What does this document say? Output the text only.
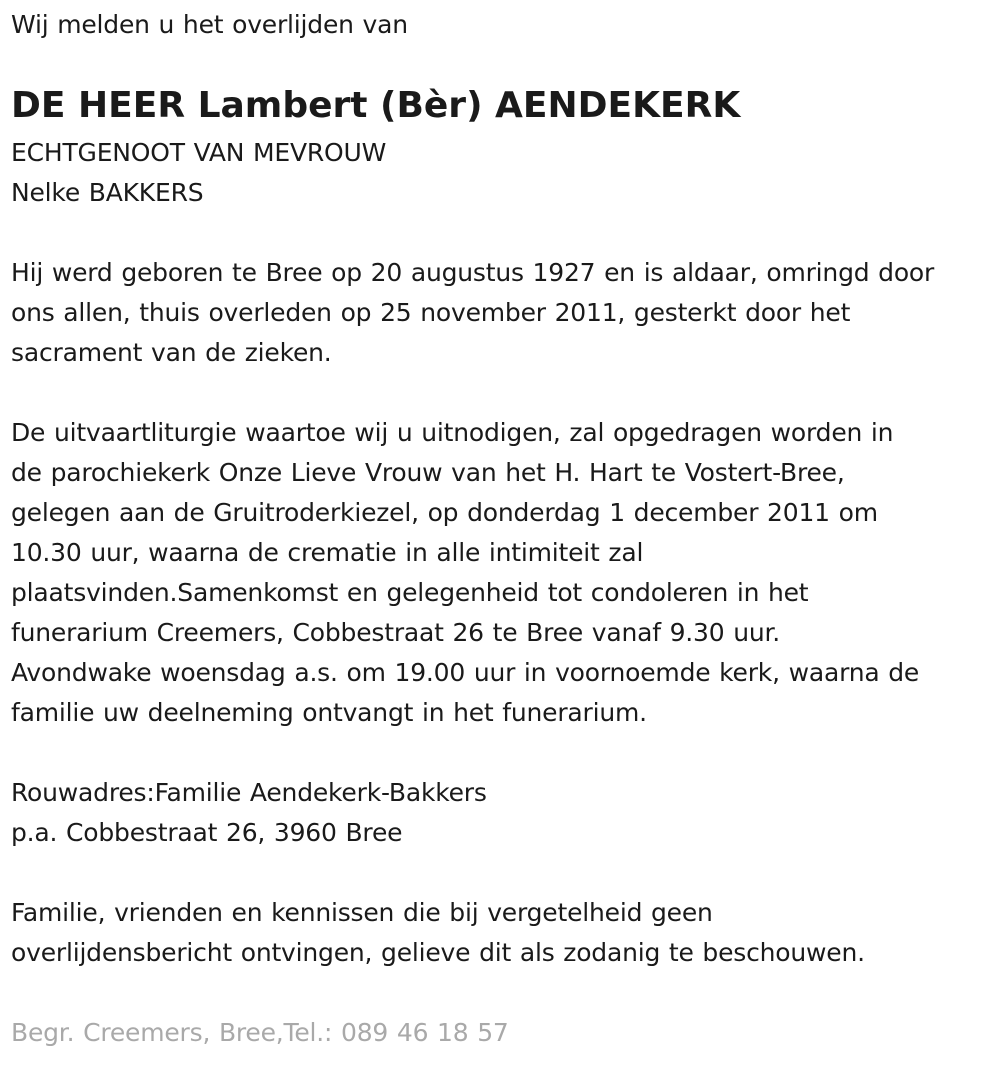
Wij melden u het overlijden van
DE HEER Lambert (Bèr) AENDEKERK
ECHTGENOOT VAN MEVROUW
Nelke BAKKERS
Hij werd geboren te Bree op 20 augustus 1927 en is aldaar, omringd door
ons allen, thuis overleden op 25 november 2011, gesterkt door het
sacrament van de zieken.
De uitvaartliturgie waartoe wij u uitnodigen, zal opgedragen worden in
de parochiekerk Onze Lieve Vrouw van het H. Hart te Vostert-Bree,
gelegen aan de Gruitroderkiezel, op donderdag 1 december 2011 om
10.30 uur, waarna de crematie in alle intimiteit zal
plaatsvinden.Samenkomst en gelegenheid tot condoleren in het
funerarium Creemers, Cobbestraat 26 te Bree vanaf 9.30 uur.
Avondwake woensdag a.s. om 19.00 uur in voornoemde kerk, waarna de
familie uw deelneming ontvangt in het funerarium.
Rouwadres:Familie Aendekerk-Bakkers
p.a. Cobbestraat 26, 3960 Bree
Familie, vrienden en kennissen die bij vergetelheid geen
overlijdensbericht ontvingen, gelieve dit als zodanig te beschouwen.
Begr. Creemers, Bree,Tel.: 089 46 18 57
